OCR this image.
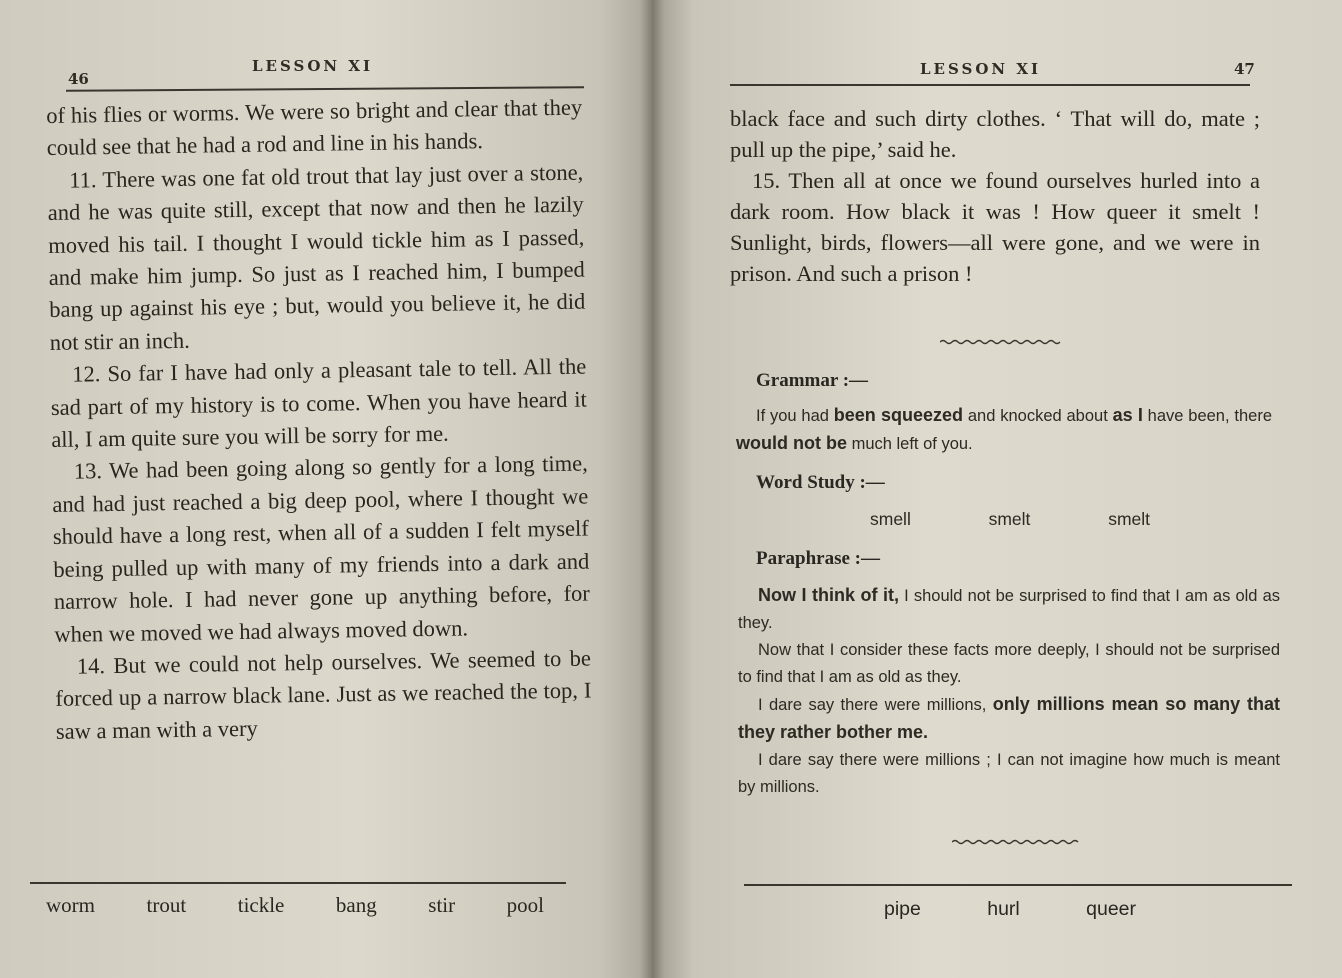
46
LESSON XI

of his flies or worms. We were so bright and clear that they could see that he had a rod and line in his hands.

11. There was one fat old trout that lay just over a stone, and he was quite still, except that now and then he lazily moved his tail. I thought I would tickle him as I passed, and make him jump. So just as I reached him, I bumped bang up against his eye ; but, would you believe it, he did not stir an inch.

12. So far I have had only a pleasant tale to tell. All the sad part of my history is to come. When you have heard it all, I am quite sure you will be sorry for me.

13. We had been going along so gently for a long time, and had just reached a big deep pool, where I thought we should have a long rest, when all of a sudden I felt myself being pulled up with many of my friends into a dark and narrow hole. I had never gone up anything before, for when we moved we had always moved down.

14. But we could not help ourselves. We seemed to be forced up a narrow black lane. Just as we reached the top, I saw a man with a very

worm trout tickle bang stir pool
LESSON XI	47

black face and such dirty clothes. ‘ That will do, mate ; pull up the pipe,’ said he.

15. Then all at once we found ourselves hurled into a dark room. How black it was ! How queer it smelt ! Sunlight, birds, flowers—all were gone, and we were in prison. And such a prison !

Grammar :—

If you had been squeezed and knocked about as I have been, there would not be much left of you.

Word Study :—
smell	smelt	smelt
Paraphrase :—

Now I think of it, I should not be surprised to find that I am as old as they.

Now that I consider these facts more deeply, I should not be surprised to find that I am as old as they.

I dare say there were millions, only millions mean so many that they rather bother me.

I dare say there were millions ; I can not imagine how much is meant by millions.

pipe	hurl	queer
